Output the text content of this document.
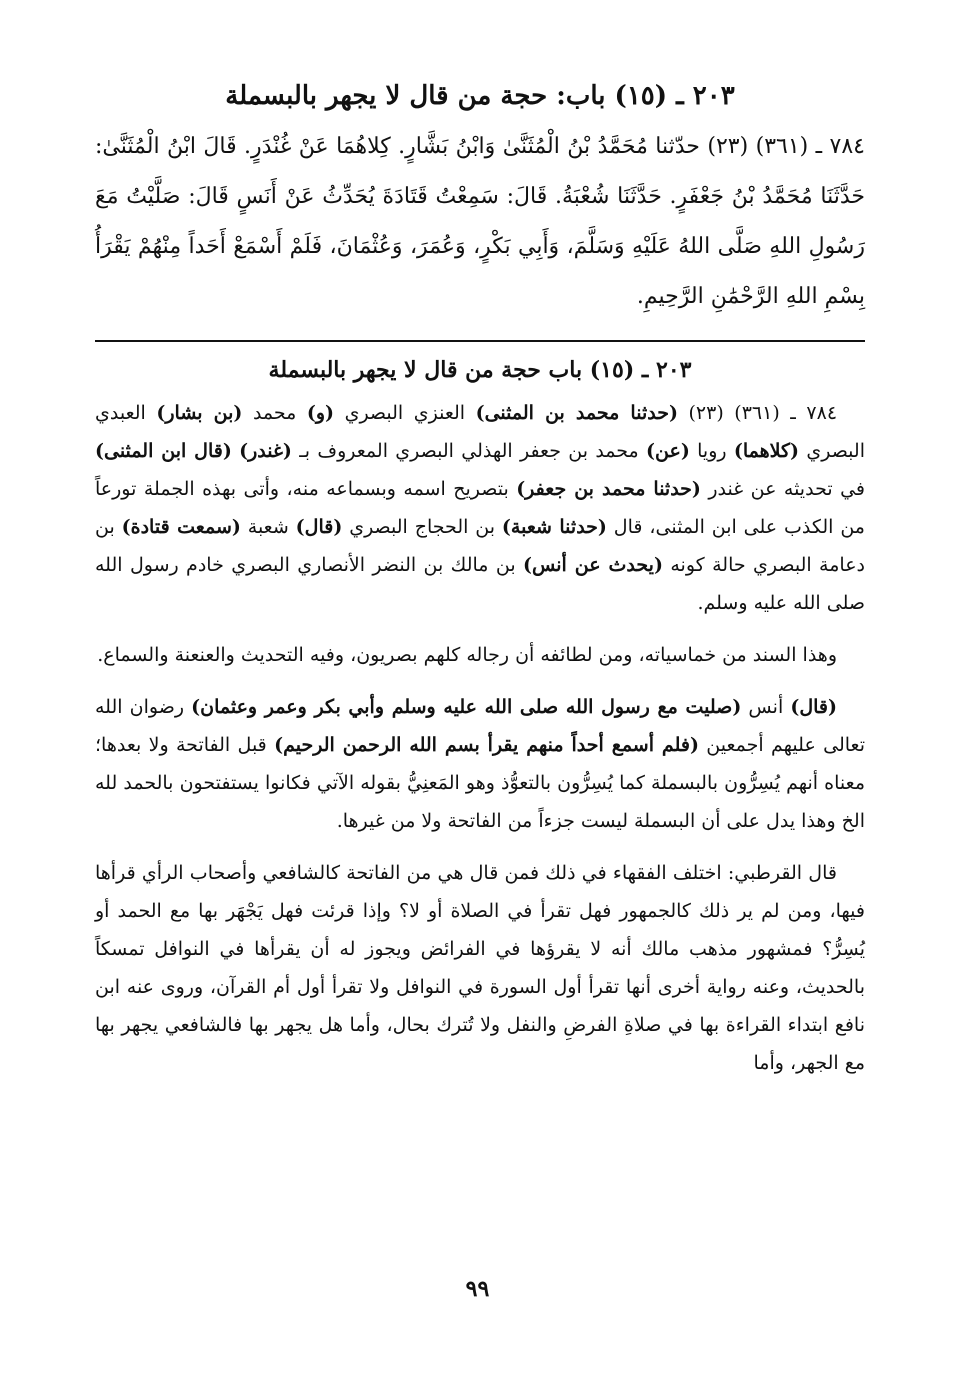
٢٠٣ ـ (١٥) باب: حجة من قال لا يجهر بالبسملة

٧٨٤ ـ (٣٦١) (٢٣) حدّثنا مُحَمَّدُ بْنُ الْمُثَنَّىٰ وَابْنُ بَشَّارٍ. كِلاهُمَا عَنْ غُنْدَرٍ. قَالَ ابْنُ الْمُثَنَّىٰ: حَدَّثَنَا مُحَمَّدُ بْنُ جَعْفَرٍ. حَدَّثَنَا شُعْبَةُ. قَالَ: سَمِعْتُ قَتَادَةَ يُحَدِّثُ عَنْ أَنَسٍ قَالَ: صَلَّيْتُ مَعَ رَسُولِ اللهِ صَلَّى اللهُ عَلَيْهِ وَسَلَّمَ، وَأَبِي بَكْرٍ، وَعُمَرَ، وَعُثْمَانَ، فَلَمْ أَسْمَعْ أَحَداً مِنْهُمْ يَقْرَأُ بِسْمِ اللهِ الرَّحْمَٰنِ الرَّحِيمِ.

٢٠٣ ـ (١٥) باب حجة من قال لا يجهر بالبسملة

٧٨٤ ـ (٣٦١) (٢٣) (حدثنا محمد بن المثنى) العنزي البصري (و) محمد (بن بشار) العبدي البصري (كلاهما) رويا (عن) محمد بن جعفر الهذلي البصري المعروف بـ (غندر) (قال ابن المثنى) في تحديثه عن غندر (حدثنا محمد بن جعفر) بتصريح اسمه وبسماعه منه، وأتى بهذه الجملة تورعاً من الكذب على ابن المثنى، قال (حدثنا شعبة) بن الحجاج البصري (قال) شعبة (سمعت قتادة) بن دعامة البصري حالة كونه (يحدث عن أنس) بن مالك بن النضر الأنصاري البصري خادم رسول الله صلى الله عليه وسلم.

وهذا السند من خماسياته، ومن لطائفه أن رجاله كلهم بصريون، وفيه التحديث والعنعنة والسماع.

(قال) أنس (صليت مع رسول الله صلى الله عليه وسلم وأبي بكر وعمر وعثمان) رضوان الله تعالى عليهم أجمعين (فلم أسمع أحداً منهم يقرأ بسم الله الرحمن الرحيم) قبل الفاتحة ولا بعدها؛ معناه أنهم يُسِرُّون بالبسملة كما يُسِرُّون بالتعوُّذ وهو المَعنِيُّ بقوله الآتي فكانوا يستفتحون بالحمد لله الخ وهذا يدل على أن البسملة ليست جزءاً من الفاتحة ولا من غيرها.

قال القرطبي: اختلف الفقهاء في ذلك فمن قال هي من الفاتحة كالشافعي وأصحاب الرأي قرأها فيها، ومن لم ير ذلك كالجمهور فهل تقرأ في الصلاة أو لا؟ وإذا قرئت فهل يَجْهَر بها مع الحمد أو يُسِرُّ؟ فمشهور مذهب مالك أنه لا يقرؤها في الفرائض ويجوز له أن يقرأها في النوافل تمسكاً بالحديث، وعنه رواية أخرى أنها تقرأ أول السورة في النوافل ولا تقرأ أول أم القرآن، وروى عنه ابن نافع ابتداء القراءة بها في صلاةِ الفرضِ والنفل ولا تُترك بحال، وأما هل يجهر بها فالشافعي يجهر بها مع الجهر، وأما

٩٩
